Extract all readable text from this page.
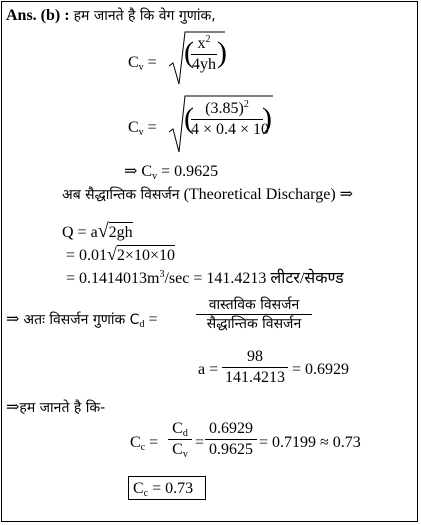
Ans. (b) : हम जानते है कि वेग गुणांक,
$C_v$ = ( $x^2$
4yh )
$C_v$ = ( $(3.85)^2$
4 × 0.4 × 10
)
⇒ $C_v = 0.9625$
अब सैद्धान्तिक विसर्जन (Theoretical Discharge) ⇒
Q = a√2gh
= 0.01√2×10×10
= $0.1414013m^3/\sec = 141.4213$ लीटर/सेकण्ड
⇒ अतः विसर्जन गुणांक $C_d$ =
वास्तविक विसर्जन
सैद्धान्तिक विसर्जन
a =
98
141.4213 = 0.6929
⇒हम जानते है कि-
$C_c$ =
$C_d$
$C_v$
=
0.6929
0.9625 = 0.7199 ≈ 0.73
$C_c = 0.73$
